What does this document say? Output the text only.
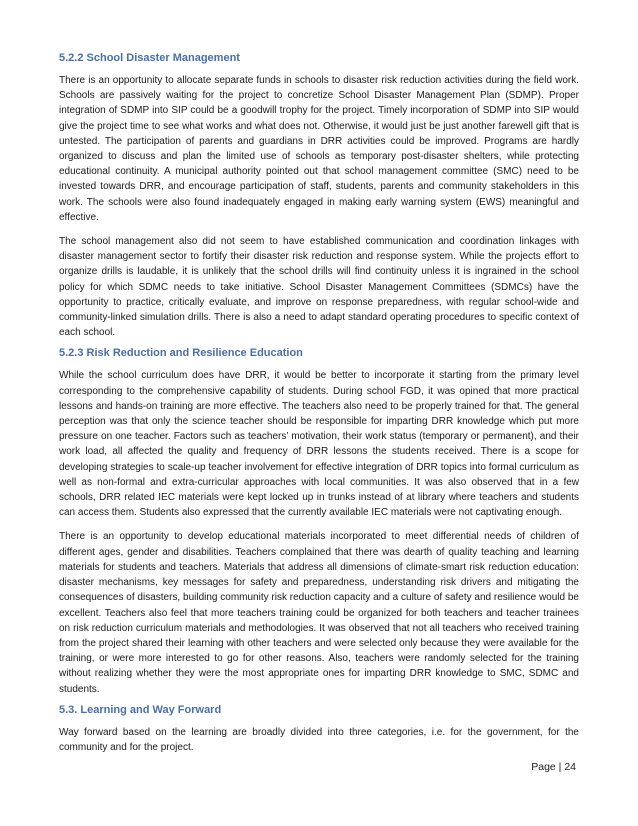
5.2.2 School Disaster Management

There is an opportunity to allocate separate funds in schools to disaster risk reduction activities during the field work. Schools are passively waiting for the project to concretize School Disaster Management Plan (SDMP). Proper integration of SDMP into SIP could be a goodwill trophy for the project. Timely incorporation of SDMP into SIP would give the project time to see what works and what does not. Otherwise, it would just be just another farewell gift that is untested. The participation of parents and guardians in DRR activities could be improved. Programs are hardly organized to discuss and plan the limited use of schools as temporary post-disaster shelters, while protecting educational continuity. A municipal authority pointed out that school management committee (SMC) need to be invested towards DRR, and encourage participation of staff, students, parents and community stakeholders in this work. The schools were also found inadequately engaged in making early warning system (EWS) meaningful and effective.

The school management also did not seem to have established communication and coordination linkages with disaster management sector to fortify their disaster risk reduction and response system. While the projects effort to organize drills is laudable, it is unlikely that the school drills will find continuity unless it is ingrained in the school policy for which SDMC needs to take initiative. School Disaster Management Committees (SDMCs) have the opportunity to practice, critically evaluate, and improve on response preparedness, with regular school-wide and community-linked simulation drills. There is also a need to adapt standard operating procedures to specific context of each school.

5.2.3 Risk Reduction and Resilience Education

While the school curriculum does have DRR, it would be better to incorporate it starting from the primary level corresponding to the comprehensive capability of students. During school FGD, it was opined that more practical lessons and hands-on training are more effective. The teachers also need to be properly trained for that. The general perception was that only the science teacher should be responsible for imparting DRR knowledge which put more pressure on one teacher. Factors such as teachers’ motivation, their work status (temporary or permanent), and their work load, all affected the quality and frequency of DRR lessons the students received. There is a scope for developing strategies to scale-up teacher involvement for effective integration of DRR topics into formal curriculum as well as non-formal and extra-curricular approaches with local communities. It was also observed that in a few schools, DRR related IEC materials were kept locked up in trunks instead of at library where teachers and students can access them. Students also expressed that the currently available IEC materials were not captivating enough.

There is an opportunity to develop educational materials incorporated to meet differential needs of children of different ages, gender and disabilities. Teachers complained that there was dearth of quality teaching and learning materials for students and teachers. Materials that address all dimensions of climate-smart risk reduction education: disaster mechanisms, key messages for safety and preparedness, understanding risk drivers and mitigating the consequences of disasters, building community risk reduction capacity and a culture of safety and resilience would be excellent. Teachers also feel that more teachers training could be organized for both teachers and teacher trainees on risk reduction curriculum materials and methodologies. It was observed that not all teachers who received training from the project shared their learning with other teachers and were selected only because they were available for the training, or were more interested to go for other reasons. Also, teachers were randomly selected for the training without realizing whether they were the most appropriate ones for imparting DRR knowledge to SMC, SDMC and students.

5.3. Learning and Way Forward

Way forward based on the learning are broadly divided into three categories, i.e. for the government, for the community and for the project.

Page | 24
